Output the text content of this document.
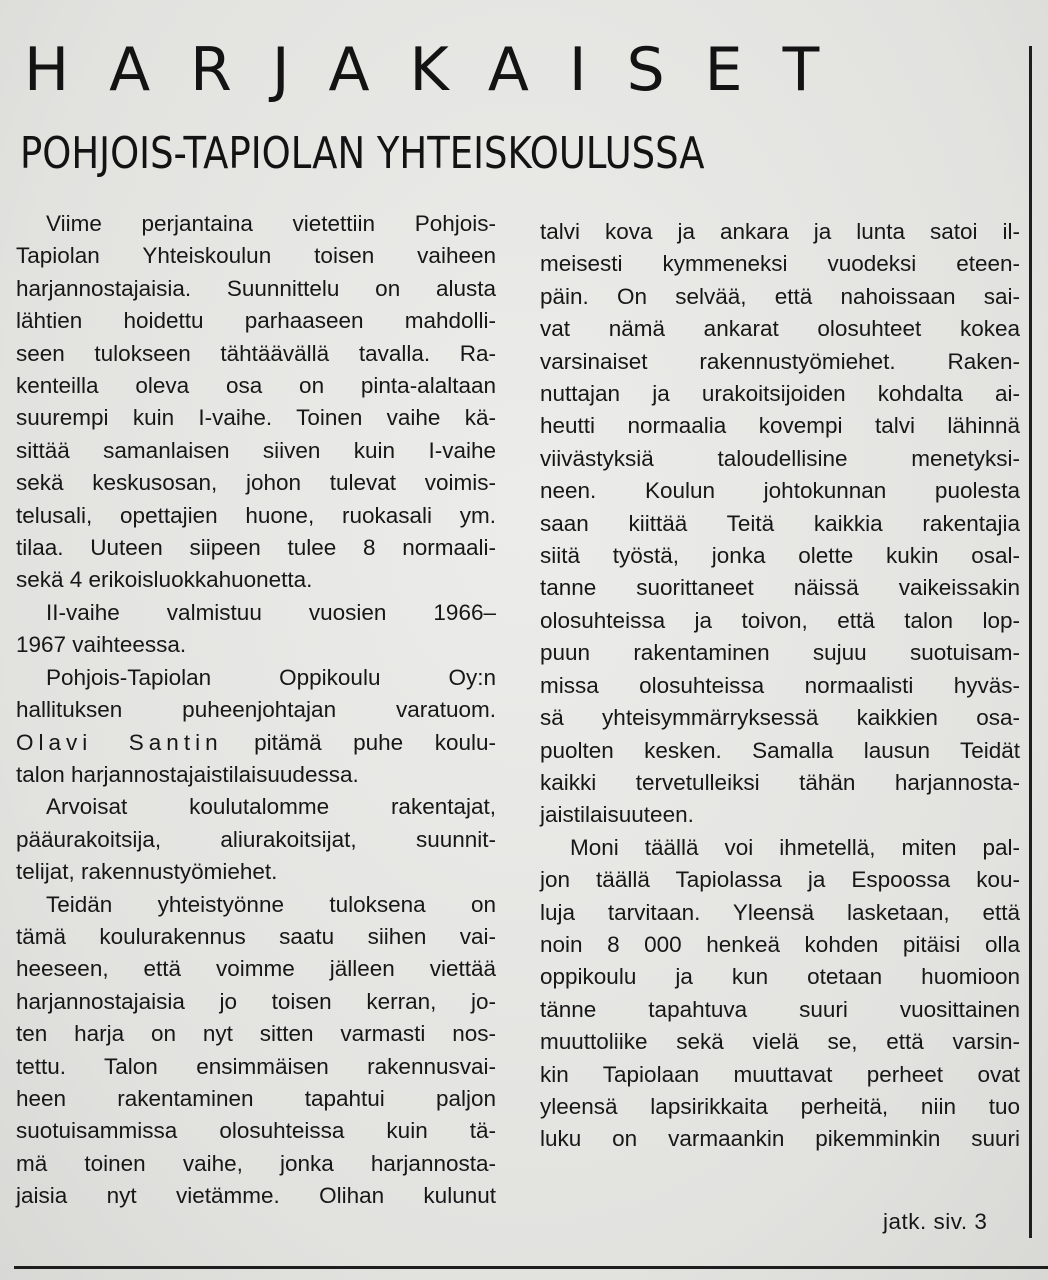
HARJAKAISET
POHJOIS-TAPIOLAN YHTEISKOULUSSA

Viime perjantaina vietettiin Pohjois-

Tapiolan Yhteiskoulun toisen vaiheen

harjannostajaisia. Suunnittelu on alusta

lähtien hoidettu parhaaseen mahdolli-

seen tulokseen tähtäävällä tavalla. Ra-

kenteilla oleva osa on pinta-alaltaan

suurempi kuin I-vaihe. Toinen vaihe kä-

sittää samanlaisen siiven kuin I-vaihe

sekä keskusosan, johon tulevat voimis-

telusali, opettajien huone, ruokasali ym.

tilaa. Uuteen siipeen tulee 8 normaali-

sekä 4 erikoisluokkahuonetta.

II-vaihe valmistuu vuosien 1966–

1967 vaihteessa.

Pohjois-Tapiolan Oppikoulu Oy:n

hallituksen puheenjohtajan varatuom.

Olavi Santin pitämä puhe koulu-

talon harjannostajaistilaisuudessa.

Arvoisat koulutalomme rakentajat,

pääurakoitsija, aliurakoitsijat, suunnit-

telijat, rakennustyömiehet.

Teidän yhteistyönne tuloksena on

tämä koulurakennus saatu siihen vai-

heeseen, että voimme jälleen viettää

harjannostajaisia jo toisen kerran, jo-

ten harja on nyt sitten varmasti nos-

tettu. Talon ensimmäisen rakennusvai-

heen rakentaminen tapahtui paljon

suotuisammissa olosuhteissa kuin tä-

mä toinen vaihe, jonka harjannosta-

jaisia nyt vietämme. Olihan kulunut

talvi kova ja ankara ja lunta satoi il-

meisesti kymmeneksi vuodeksi eteen-

päin. On selvää, että nahoissaan sai-

vat nämä ankarat olosuhteet kokea

varsinaiset rakennustyömiehet. Raken-

nuttajan ja urakoitsijoiden kohdalta ai-

heutti normaalia kovempi talvi lähinnä

viivästyksiä taloudellisine menetyksi-

neen. Koulun johtokunnan puolesta

saan kiittää Teitä kaikkia rakentajia

siitä työstä, jonka olette kukin osal-

tanne suorittaneet näissä vaikeissakin

olosuhteissa ja toivon, että talon lop-

puun rakentaminen sujuu suotuisam-

missa olosuhteissa normaalisti hyväs-

sä yhteisymmärryksessä kaikkien osa-

puolten kesken. Samalla lausun Teidät

kaikki tervetulleiksi tähän harjannosta-

jaistilaisuuteen.

Moni täällä voi ihmetellä, miten pal-

jon täällä Tapiolassa ja Espoossa kou-

luja tarvitaan. Yleensä lasketaan, että

noin 8 000 henkeä kohden pitäisi olla

oppikoulu ja kun otetaan huomioon

tänne tapahtuva suuri vuosittainen

muuttoliike sekä vielä se, että varsin-

kin Tapiolaan muuttavat perheet ovat

yleensä lapsirikkaita perheitä, niin tuo

luku on varmaankin pikemminkin suuri

jatk. siv. 3
